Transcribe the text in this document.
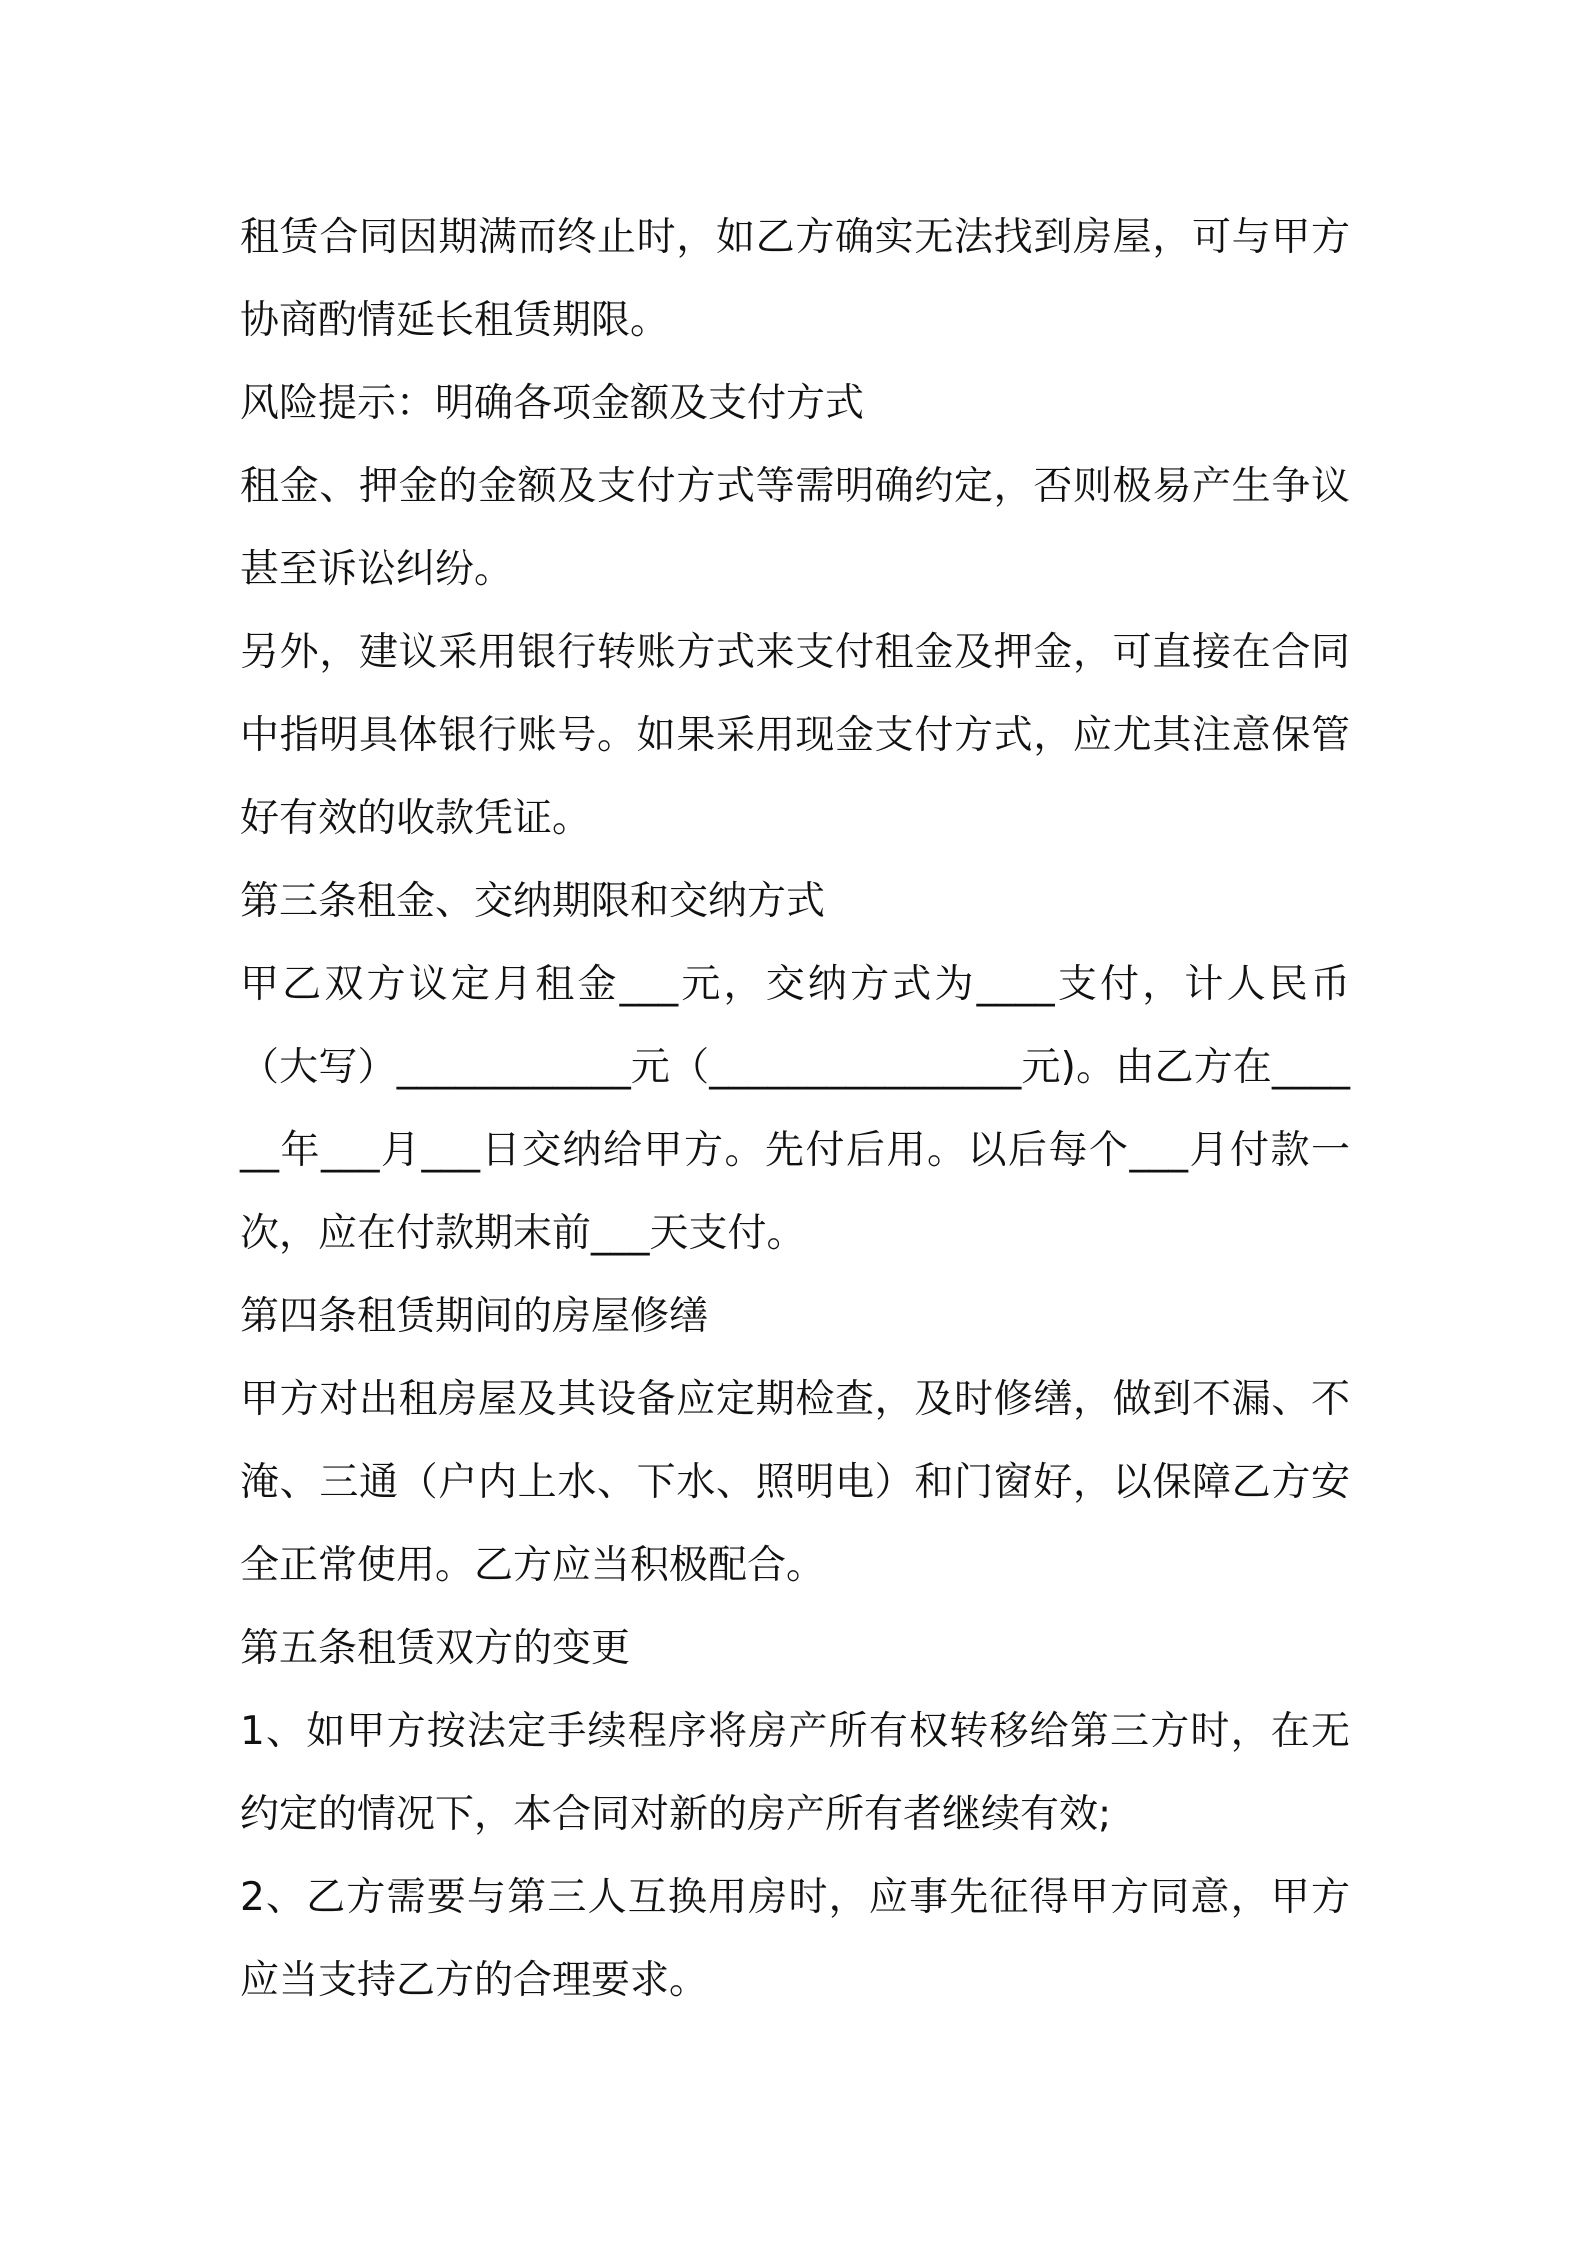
租赁合同因期满而终止时，如乙方确实无法找到房屋，可与甲方协商酌情延长租赁期限。

风险提示：明确各项金额及支付方式

租金、押金的金额及支付方式等需明确约定，否则极易产生争议甚至诉讼纠纷。

另外，建议采用银行转账方式来支付租金及押金，可直接在合同中指明具体银行账号。如果采用现金支付方式，应尤其注意保管好有效的收款凭证。

第三条租金、交纳期限和交纳方式

甲乙双方议定月租金___元，交纳方式为____支付，计人民币（大写）____________元（________________元)。由乙方在______年___月___日交纳给甲方。先付后用。以后每个___月付款一次，应在付款期末前___天支付。

第四条租赁期间的房屋修缮

甲方对出租房屋及其设备应定期检查，及时修缮，做到不漏、不淹、三通（户内上水、下水、照明电）和门窗好，以保障乙方安全正常使用。乙方应当积极配合。

第五条租赁双方的变更

1、如甲方按法定手续程序将房产所有权转移给第三方时，在无约定的情况下，本合同对新的房产所有者继续有效;

2、乙方需要与第三人互换用房时，应事先征得甲方同意，甲方应当支持乙方的合理要求。
